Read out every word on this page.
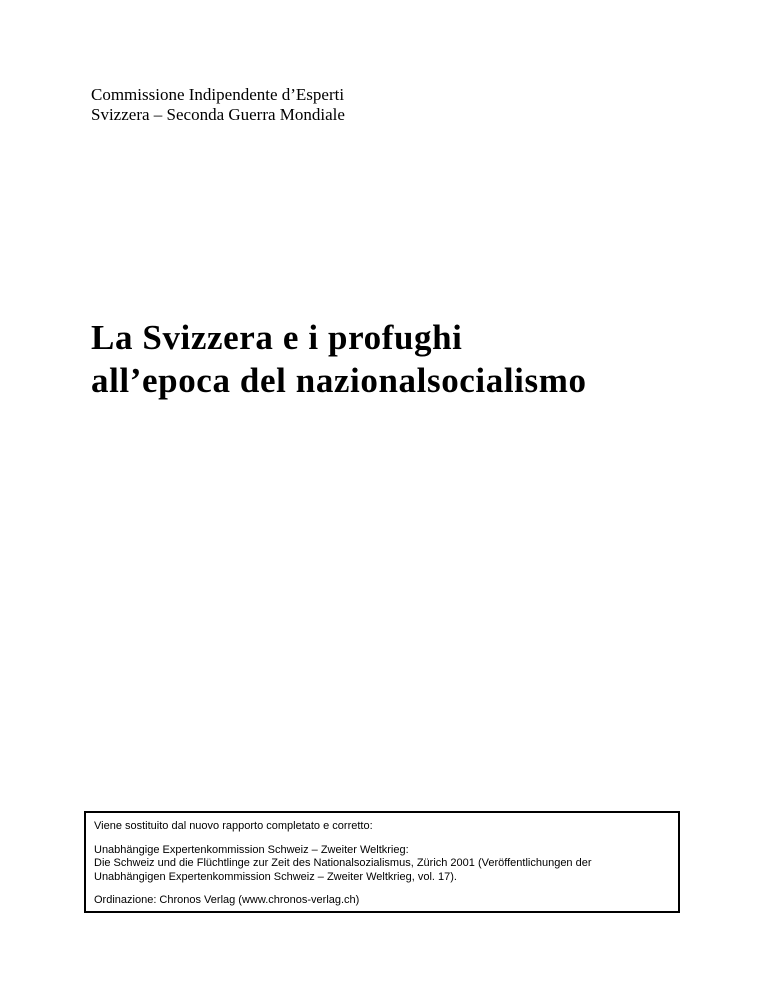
Commissione Indipendente d’Esperti
Svizzera – Seconda Guerra Mondiale
La Svizzera e i profughi
all’epoca del nazionalsocialismo

Viene sostituito dal nuovo rapporto completato e corretto:

Unabhängige Expertenkommission Schweiz – Zweiter Weltkrieg:

Die Schweiz und die Flüchtlinge zur Zeit des Nationalsozialismus, Zürich 2001 (Veröffentlichungen der

Unabhängigen Expertenkommission Schweiz – Zweiter Weltkrieg, vol. 17).

Ordinazione: Chronos Verlag (www.chronos-verlag.ch)
